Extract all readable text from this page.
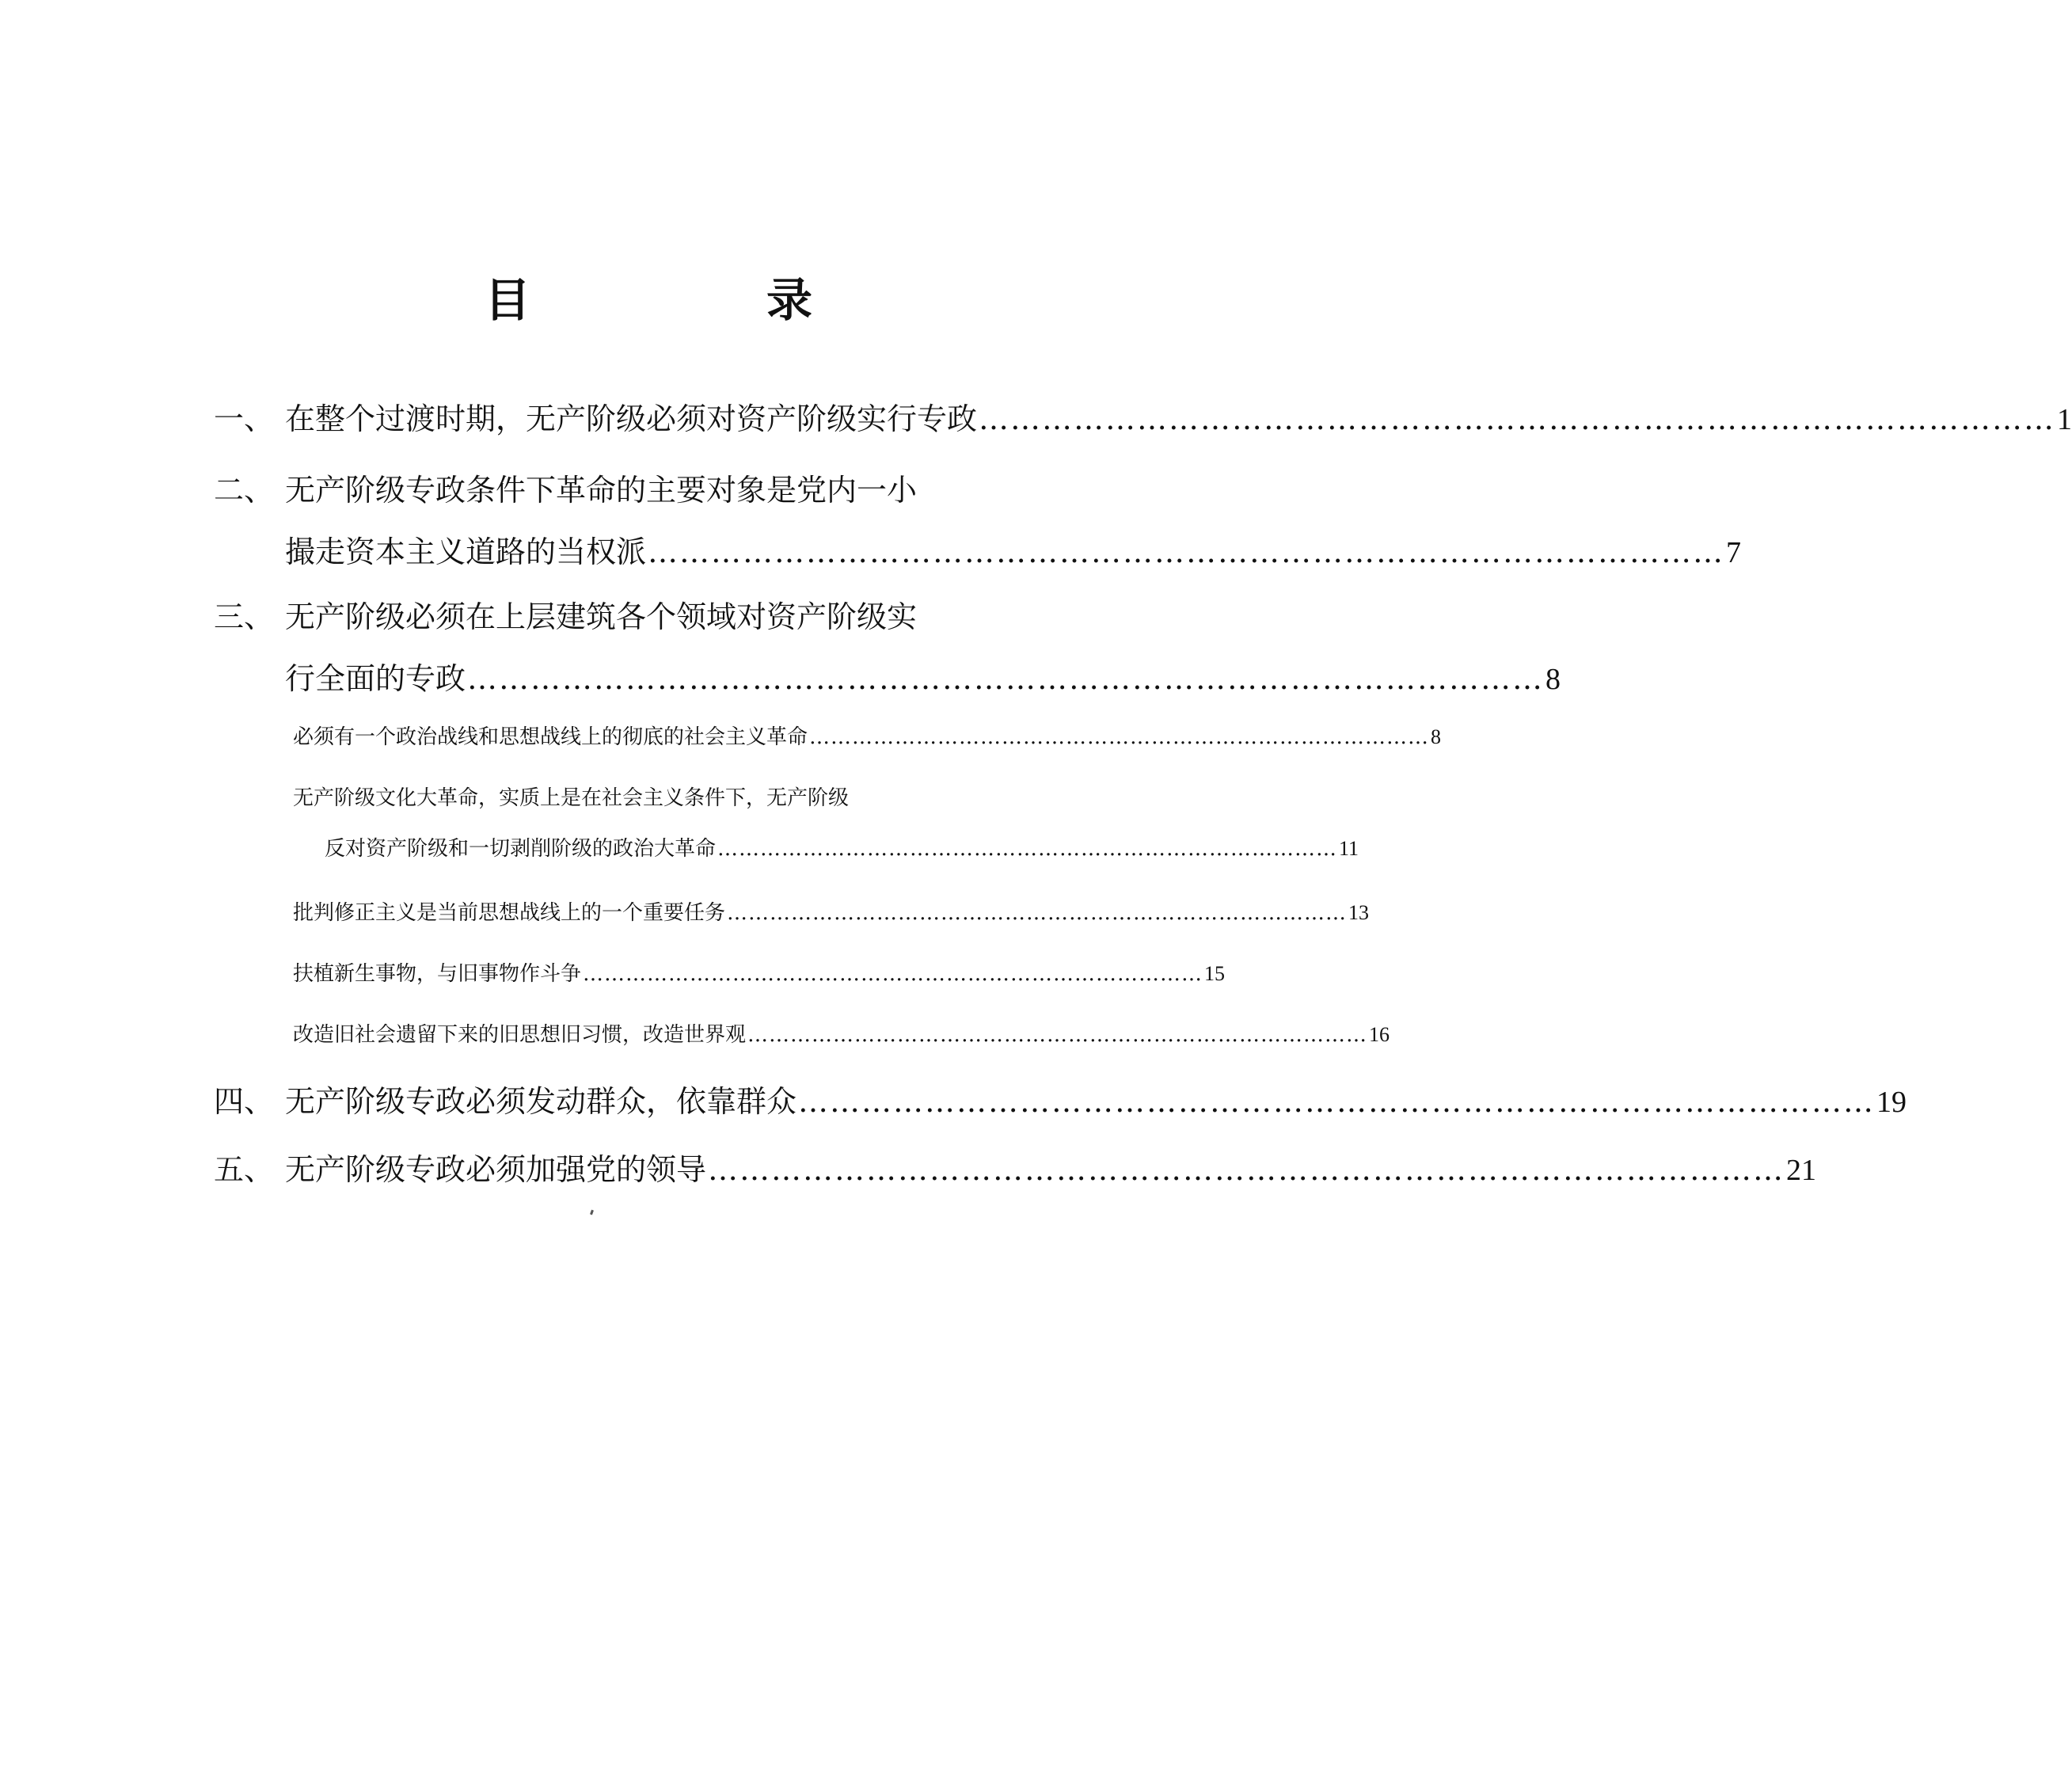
目　录
一、 在整个过渡时期，无产阶级必须对资产阶级实行专政 ………………………………………………………………………………………… 1
二、 无产阶级专政条件下革命的主要对象是党内一小
撮走资本主义道路的当权派 ………………………………………………………………………………………… 7
三、 无产阶级必须在上层建筑各个领域对资产阶级实
行全面的专政 ………………………………………………………………………………………… 8
必须有一个政治战线和思想战线上的彻底的社会主义革命 …………………………………………………………………………… 8
无产阶级文化大革命，实质上是在社会主义条件下，无产阶级
反对资产阶级和一切剥削阶级的政治大革命 …………………………………………………………………………… 11
批判修正主义是当前思想战线上的一个重要任务 …………………………………………………………………………… 13
扶植新生事物，与旧事物作斗争 …………………………………………………………………………… 15
改造旧社会遗留下来的旧思想旧习惯，改造世界观 …………………………………………………………………………… 16
四、 无产阶级专政必须发动群众，依靠群众 ………………………………………………………………………………………… 19
五、 无产阶级专政必须加强党的领导 ………………………………………………………………………………………… 21
